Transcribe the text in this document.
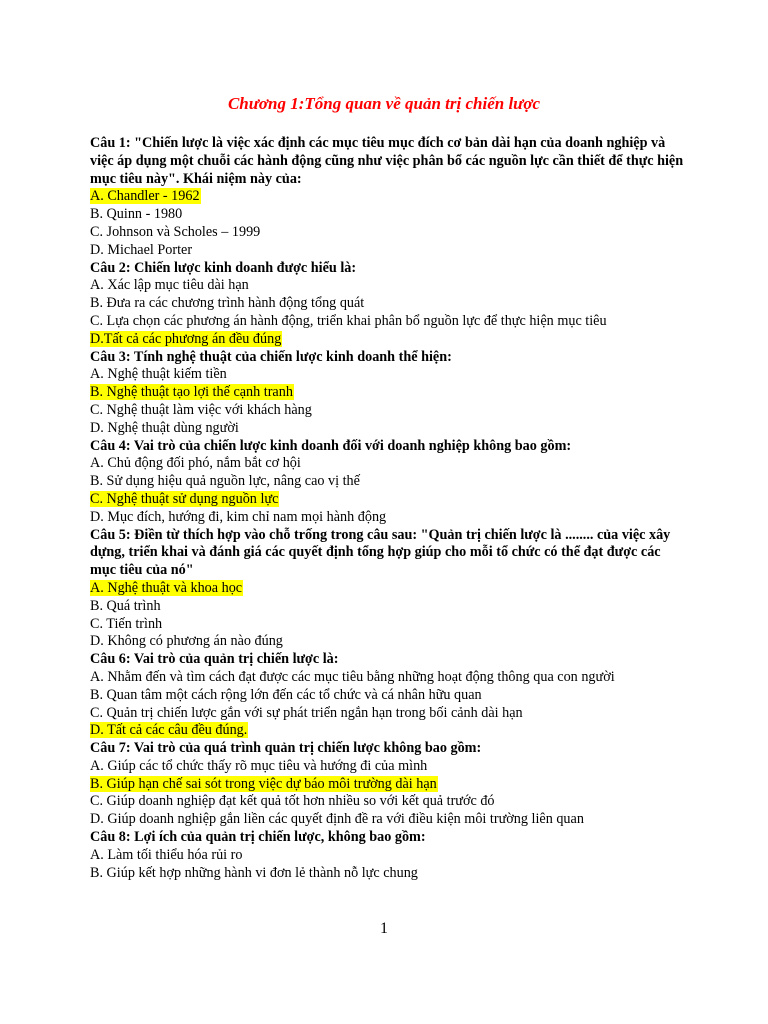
Chương 1:Tổng quan về quản trị chiến lược

Câu 1: "Chiến lược là việc xác định các mục tiêu mục đích cơ bản dài hạn của doanh nghiệp và việc áp dụng một chuỗi các hành động cũng như việc phân bổ các nguồn lực cần thiết để thực hiện mục tiêu này". Khái niệm này của:

A. Chandler - 1962

B. Quinn - 1980

C. Johnson và Scholes – 1999

D. Michael Porter

Câu 2: Chiến lược kinh doanh được hiểu là:

A. Xác lập mục tiêu dài hạn

B. Đưa ra các chương trình hành động tổng quát

C. Lựa chọn các phương án hành động, triển khai phân bổ nguồn lực để thực hiện mục tiêu

D.Tất cả các phương án đều đúng

Câu 3: Tính nghệ thuật của chiến lược kinh doanh thể hiện:

A. Nghệ thuật kiếm tiền

B. Nghệ thuật tạo lợi thế cạnh tranh

C. Nghệ thuật làm việc với khách hàng

D. Nghệ thuật dùng người

Câu 4: Vai trò của chiến lược kinh doanh đối với doanh nghiệp không bao gồm:

A. Chủ động đối phó, nắm bắt cơ hội

B. Sử dụng hiệu quả nguồn lực, nâng cao vị thế

C. Nghệ thuật sử dụng nguồn lực

D. Mục đích, hướng đi, kim chỉ nam mọi hành động

Câu 5: Điền từ thích hợp vào chỗ trống trong câu sau: "Quản trị chiến lược là ........ của việc xây dựng, triển khai và đánh giá các quyết định tổng hợp giúp cho mỗi tổ chức có thể đạt được các mục tiêu của nó"

A. Nghệ thuật và khoa học

B. Quá trình

C. Tiến trình

D. Không có phương án nào đúng

Câu 6: Vai trò của quản trị chiến lược là:

A. Nhằm đến và tìm cách đạt được các mục tiêu bằng những hoạt động thông qua con người

B. Quan tâm một cách rộng lớn đến các tổ chức và cá nhân hữu quan

C. Quản trị chiến lược gắn với sự phát triển ngắn hạn trong bối cảnh dài hạn

D. Tất cả các câu đều đúng.

Câu 7: Vai trò của quá trình quản trị chiến lược không bao gồm:

A. Giúp các tổ chức thấy rõ mục tiêu và hướng đi của mình

B. Giúp hạn chế sai sót trong việc dự báo môi trường dài hạn

C. Giúp doanh nghiệp đạt kết quả tốt hơn nhiều so với kết quả trước đó

D. Giúp doanh nghiệp gắn liền các quyết định đề ra với điều kiện môi trường liên quan

Câu 8: Lợi ích của quản trị chiến lược, không bao gồm:

A. Làm tối thiểu hóa rủi ro

B. Giúp kết hợp những hành vi đơn lẻ thành nỗ lực chung

1
